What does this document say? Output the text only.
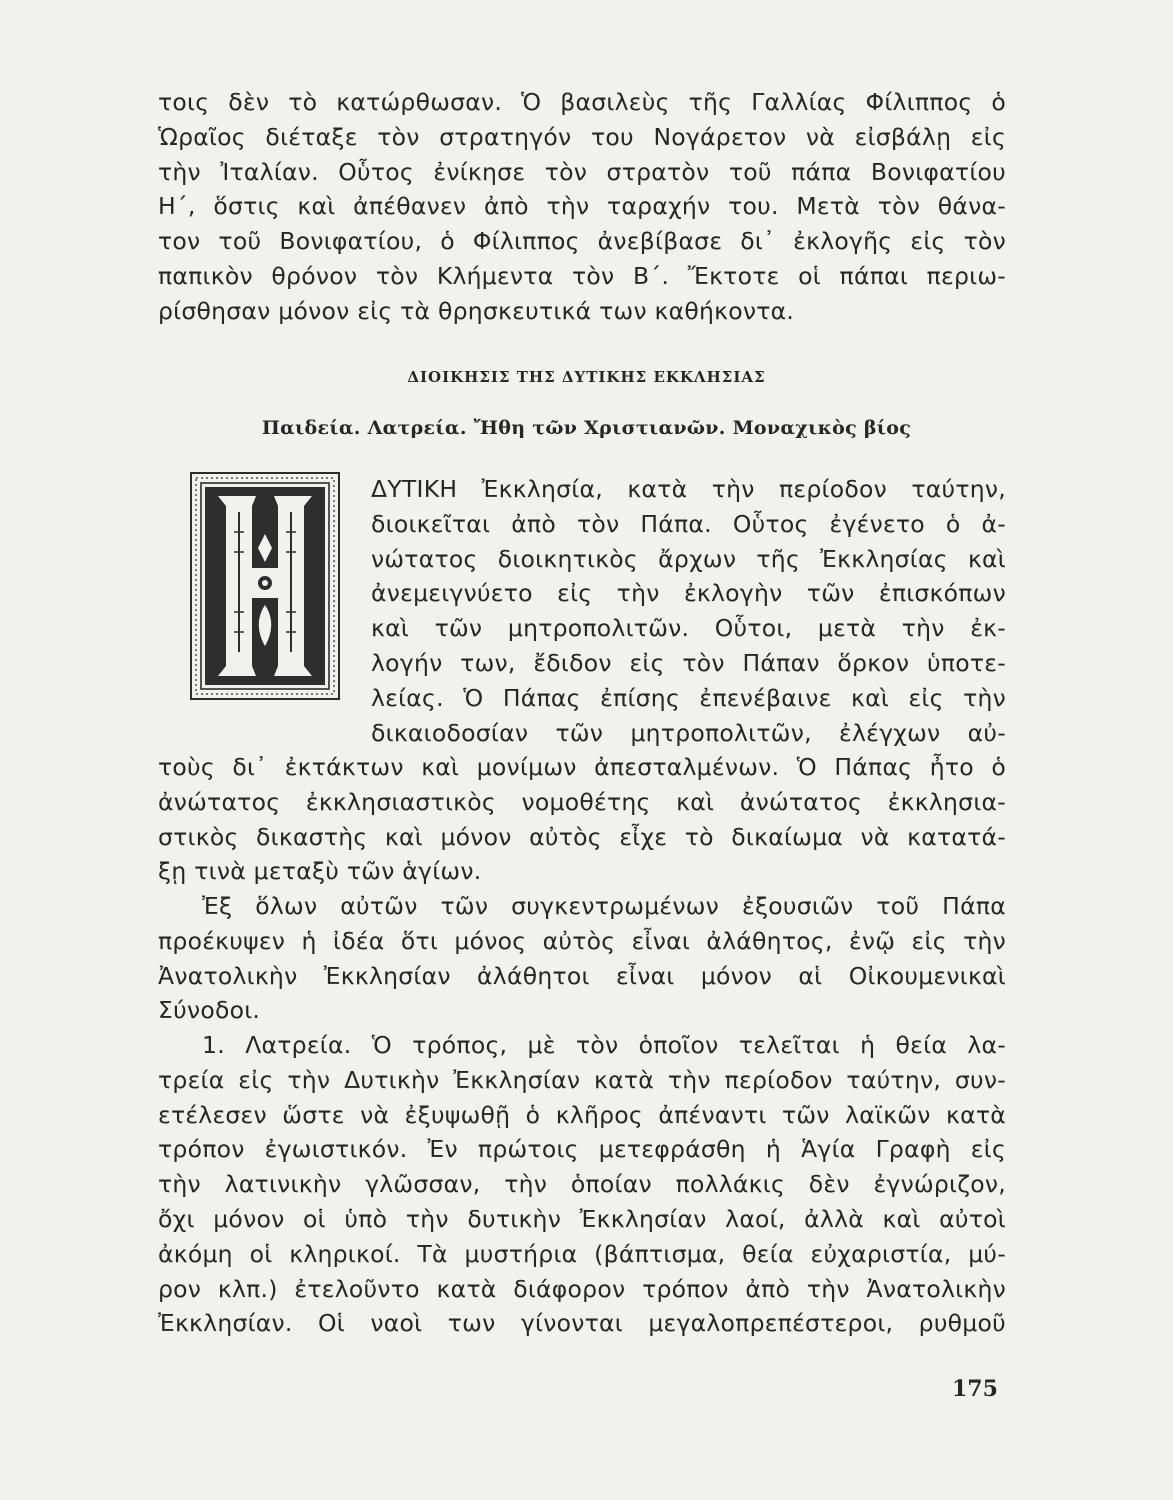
τοις δὲν τὸ κατώρθωσαν. Ὁ βασιλεὺς τῆς Γαλλίας Φίλιππος ὁ
Ὡραῖος διέταξε τὸν στρατηγόν του Νογάρετον νὰ εἰσβάλῃ εἰς
τὴν Ἰταλίαν. Οὗτος ἐνίκησε τὸν στρατὸν τοῦ πάπα Βονιφατίου
Η΄, ὅστις καὶ ἀπέθανεν ἀπὸ τὴν ταραχήν του. Μετὰ τὸν θάνα-
τον τοῦ Βονιφατίου, ὁ Φίλιππος ἀνεβίβασε δι᾽ ἐκλογῆς εἰς τὸν
παπικὸν θρόνον τὸν Κλήμεντα τὸν Β΄. Ἔκτοτε οἱ πάπαι περιω-
ρίσθησαν μόνον εἰς τὰ θρησκευτικά των καθήκοντα.
ΔΙΟΙΚΗΣΙΣ ΤΗΣ ΔΥΤΙΚΗΣ ΕΚΚΛΗΣΙΑΣ
Παιδεία. Λατρεία. Ἤθη τῶν Χριστιανῶν. Μοναχικὸς βίος
ΔΥΤΙΚΗ Ἐκκλησία, κατὰ τὴν περίοδον ταύτην,
διοικεῖται ἀπὸ τὸν Πάπα. Οὗτος ἐγένετο ὁ ἀ-
νώτατος διοικητικὸς ἄρχων τῆς Ἐκκλησίας καὶ
ἀνεμειγνύετο εἰς τὴν ἐκλογὴν τῶν ἐπισκόπων
καὶ τῶν μητροπολιτῶν. Οὗτοι, μετὰ τὴν ἐκ-
λογήν των, ἔδιδον εἰς τὸν Πάπαν ὅρκον ὑποτε-
λείας. Ὁ Πάπας ἐπίσης ἐπενέβαινε καὶ εἰς τὴν
δικαιοδοσίαν τῶν μητροπολιτῶν, ἐλέγχων αὐ-
τοὺς δι᾽ ἐκτάκτων καὶ μονίμων ἀπεσταλμένων. Ὁ Πάπας ἦτο ὁ
ἀνώτατος ἐκκλησιαστικὸς νομοθέτης καὶ ἀνώτατος ἐκκλησια-
στικὸς δικαστὴς καὶ μόνον αὐτὸς εἶχε τὸ δικαίωμα νὰ κατατά-
ξῃ τινὰ μεταξὺ τῶν ἁγίων.
Ἐξ ὅλων αὐτῶν τῶν συγκεντρωμένων ἐξουσιῶν τοῦ Πάπα
προέκυψεν ἡ ἰδέα ὅτι μόνος αὐτὸς εἶναι ἀλάθητος, ἐνῷ εἰς τὴν
Ἀνατολικὴν Ἐκκλησίαν ἀλάθητοι εἶναι μόνον αἱ Οἰκουμενικαὶ
Σύνοδοι.
1. Λατρεία. Ὁ τρόπος, μὲ τὸν ὁποῖον τελεῖται ἡ θεία λα-
τρεία εἰς τὴν Δυτικὴν Ἐκκλησίαν κατὰ τὴν περίοδον ταύτην, συν-
ετέλεσεν ὥστε νὰ ἐξυψωθῇ ὁ κλῆρος ἀπέναντι τῶν λαϊκῶν κατὰ
τρόπον ἐγωιστικόν. Ἐν πρώτοις μετεφράσθη ἡ Ἁγία Γραφὴ εἰς
τὴν λατινικὴν γλῶσσαν, τὴν ὁποίαν πολλάκις δὲν ἐγνώριζον,
ὄχι μόνον οἱ ὑπὸ τὴν δυτικὴν Ἐκκλησίαν λαοί, ἀλλὰ καὶ αὐτοὶ
ἀκόμη οἱ κληρικοί. Τὰ μυστήρια (βάπτισμα, θεία εὐχαριστία, μύ-
ρον κλπ.) ἐτελοῦντο κατὰ διάφορον τρόπον ἀπὸ τὴν Ἀνατολικὴν
Ἐκκλησίαν. Οἱ ναοὶ των γίνονται μεγαλοπρεπέστεροι, ρυθμοῦ
175
